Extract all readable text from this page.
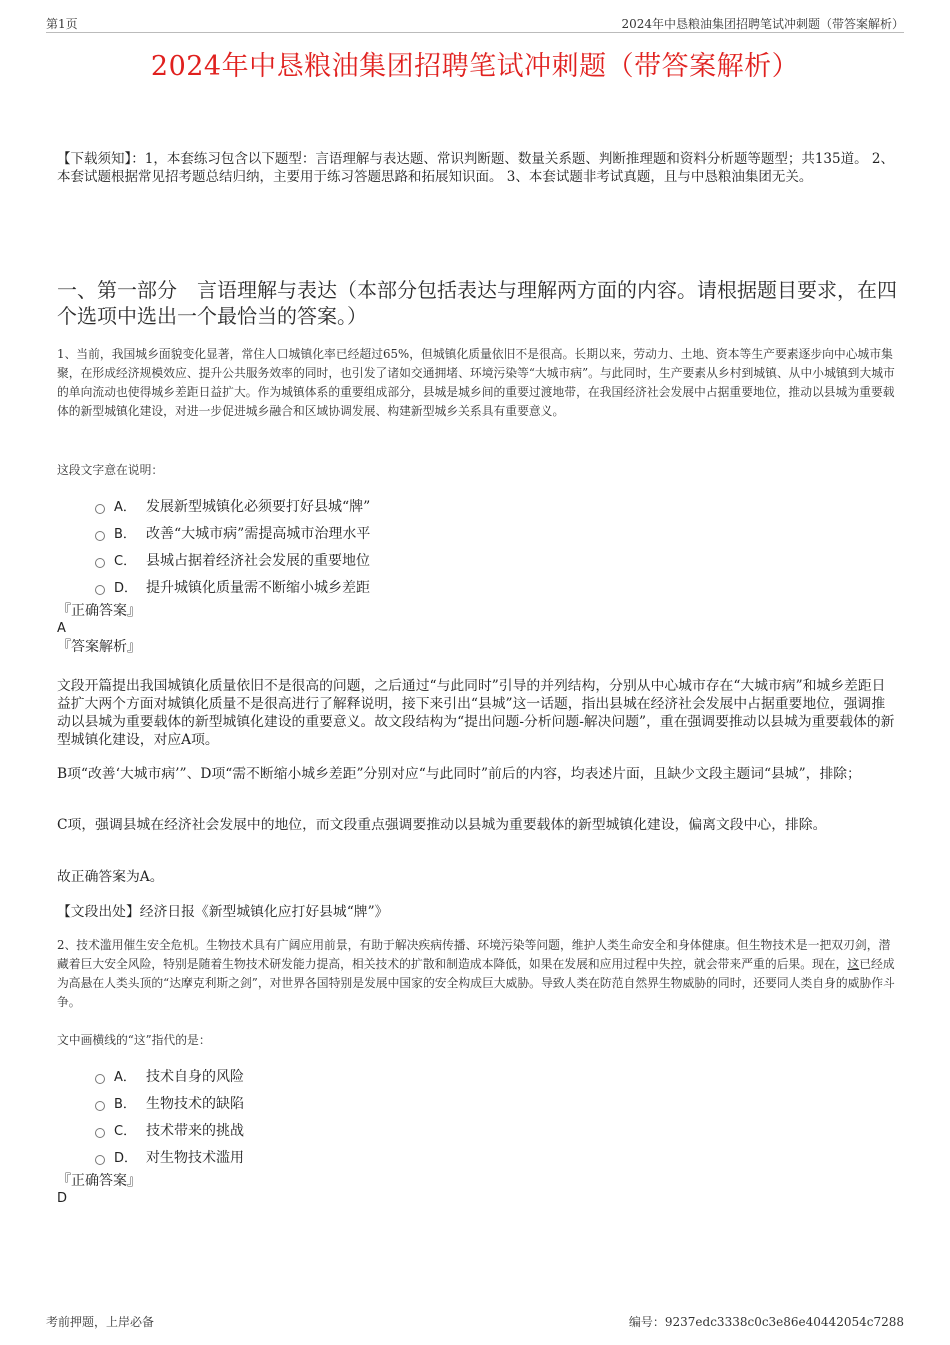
第1页	2024年中恳粮油集团招聘笔试冲刺题（带答案解析）
2024年中恳粮油集团招聘笔试冲刺题（带答案解析）
【下载须知】：1，本套练习包含以下题型：言语理解与表达题、常识判断题、数量关系题、判断推理题和资料分析题等题型；共135道。 2、本套试题根据常见招考题总结归纳，主要用于练习答题思路和拓展知识面。 3、本套试题非考试真题，且与中恳粮油集团无关。
一、第一部分　言语理解与表达（本部分包括表达与理解两方面的内容。请根据题目要求，在四个选项中选出一个最恰当的答案。）
1、当前，我国城乡面貌变化显著，常住人口城镇化率已经超过65%，但城镇化质量依旧不是很高。长期以来，劳动力、土地、资本等生产要素逐步向中心城市集聚，在形成经济规模效应、提升公共服务效率的同时，也引发了诸如交通拥堵、环境污染等“大城市病”。与此同时，生产要素从乡村到城镇、从中小城镇到大城市的单向流动也使得城乡差距日益扩大。作为城镇体系的重要组成部分，县城是城乡间的重要过渡地带，在我国经济社会发展中占据重要地位，推动以县城为重要载体的新型城镇化建设，对进一步促进城乡融合和区域协调发展、构建新型城乡关系具有重要意义。
这段文字意在说明：
A． 发展新型城镇化必须要打好县城“牌”
B． 改善“大城市病”需提高城市治理水平
C． 县城占据着经济社会发展的重要地位
D． 提升城镇化质量需不断缩小城乡差距
『正确答案』
A
『答案解析』
文段开篇提出我国城镇化质量依旧不是很高的问题，之后通过“与此同时”引导的并列结构，分别从中心城市存在“大城市病”和城乡差距日益扩大两个方面对城镇化质量不是很高进行了解释说明，接下来引出“县城”这一话题，指出县城在经济社会发展中占据重要地位，强调推动以县城为重要载体的新型城镇化建设的重要意义。故文段结构为“提出问题-分析问题-解决问题”，重在强调要推动以县城为重要载体的新型城镇化建设，对应A项。
B项“改善‘大城市病’”、D项“需不断缩小城乡差距”分别对应“与此同时”前后的内容，均表述片面，且缺少文段主题词“县城”，排除；
C项，强调县城在经济社会发展中的地位，而文段重点强调要推动以县城为重要载体的新型城镇化建设，偏离文段中心，排除。
故正确答案为A。
【文段出处】经济日报《新型城镇化应打好县城“牌”》
2、技术滥用催生安全危机。生物技术具有广阔应用前景，有助于解决疾病传播、环境污染等问题，维护人类生命安全和身体健康。但生物技术是一把双刃剑，潜藏着巨大安全风险，特别是随着生物技术研发能力提高，相关技术的扩散和制造成本降低，如果在发展和应用过程中失控，就会带来严重的后果。现在，这已经成为高悬在人类头顶的“达摩克利斯之剑”，对世界各国特别是发展中国家的安全构成巨大威胁。导致人类在防范自然界生物威胁的同时，还要同人类自身的威胁作斗争。
文中画横线的“这”指代的是：
A． 技术自身的风险
B． 生物技术的缺陷
C． 技术带来的挑战
D． 对生物技术滥用
『正确答案』
D
考前押题，上岸必备	编号：9237edc3338c0c3e86e40442054c7288
